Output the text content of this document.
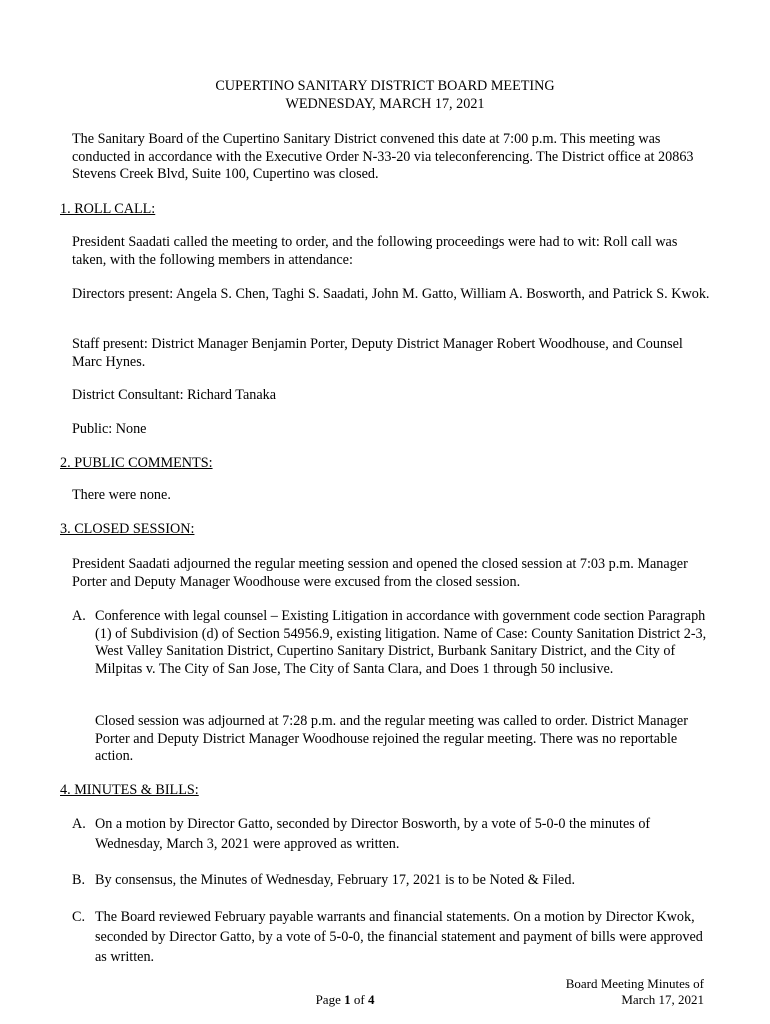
CUPERTINO SANITARY DISTRICT BOARD MEETING
WEDNESDAY, MARCH 17, 2021

The Sanitary Board of the Cupertino Sanitary District convened this date at 7:00 p.m. This meeting was conducted in accordance with the Executive Order N-33-20 via teleconferencing. The District office at 20863 Stevens Creek Blvd, Suite 100, Cupertino was closed.

1. ROLL CALL:

President Saadati called the meeting to order, and the following proceedings were had to wit: Roll call was taken, with the following members in attendance:

Directors present: Angela S. Chen, Taghi S. Saadati, John M. Gatto, William A. Bosworth, and Patrick S. Kwok.

Staff present: District Manager Benjamin Porter, Deputy District Manager Robert Woodhouse, and Counsel Marc Hynes.

District Consultant: Richard Tanaka

Public: None

2. PUBLIC COMMENTS:

There were none.

3. CLOSED SESSION:

President Saadati adjourned the regular meeting session and opened the closed session at 7:03 p.m. Manager Porter and Deputy Manager Woodhouse were excused from the closed session.

A. Conference with legal counsel – Existing Litigation in accordance with government code section Paragraph (1) of Subdivision (d) of Section 54956.9, existing litigation. Name of Case: County Sanitation District 2-3, West Valley Sanitation District, Cupertino Sanitary District, Burbank Sanitary District, and the City of Milpitas v. The City of San Jose, The City of Santa Clara, and Does 1 through 50 inclusive.

Closed session was adjourned at 7:28 p.m. and the regular meeting was called to order. District Manager Porter and Deputy District Manager Woodhouse rejoined the regular meeting. There was no reportable action.

4. MINUTES & BILLS:
A. On a motion by Director Gatto, seconded by Director Bosworth, by a vote of 5-0-0 the minutes of Wednesday, March 3, 2021 were approved as written.
B. By consensus, the Minutes of Wednesday, February 17, 2021 is to be Noted & Filed.
C. The Board reviewed February payable warrants and financial statements. On a motion by Director Kwok, seconded by Director Gatto, by a vote of 5-0-0, the financial statement and payment of bills were approved as written.
Page 1 of 4
Board Meeting Minutes of
March 17, 2021
